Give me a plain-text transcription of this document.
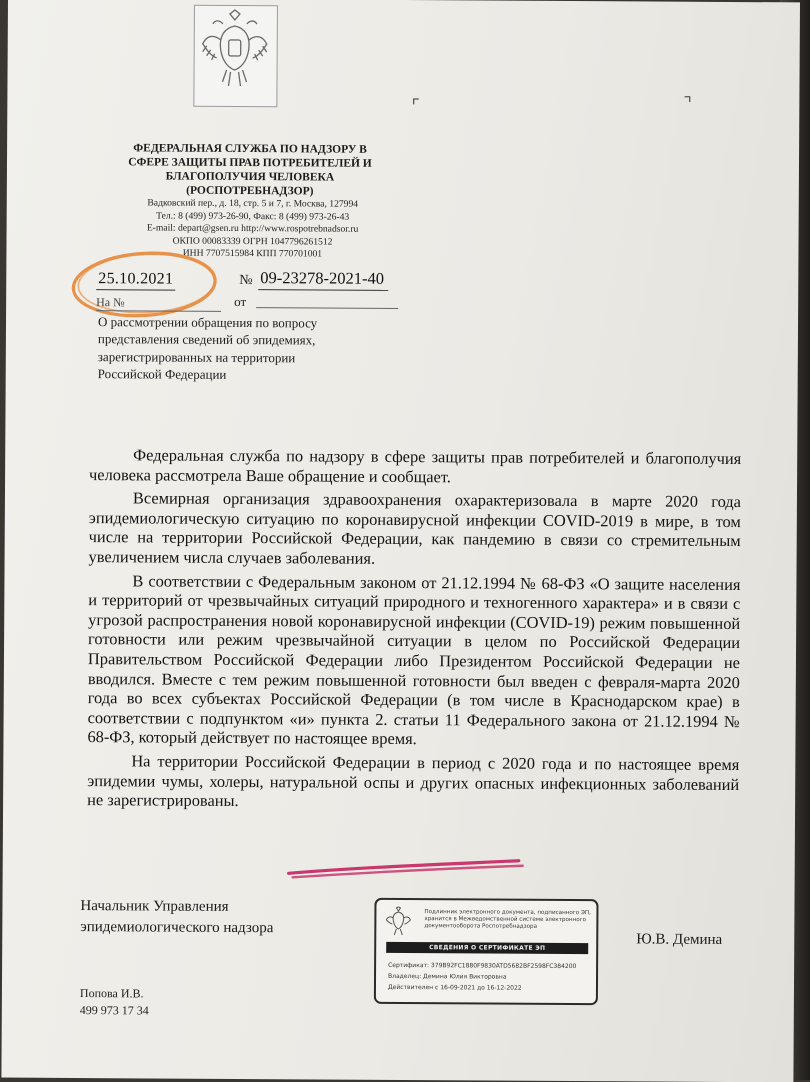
⌜	⌝
ФЕДЕРАЛЬНАЯ СЛУЖБА ПО НАДЗОРУ В
СФЕРЕ ЗАЩИТЫ ПРАВ ПОТРЕБИТЕЛЕЙ И
БЛАГОПОЛУЧИЯ ЧЕЛОВЕКА
(РОСПОТРЕБНАДЗОР)
Вадковский пер., д. 18, стр. 5 и 7, г. Москва, 127994
Тел.: 8 (499) 973-26-90, Факс: 8 (499) 973-26-43
E-mail: depart@gsen.ru http://www.rospotrebnadsor.ru
ОКПО 00083339 ОГРН 1047796261512
ИНН 7707515984 КПП 770701001
25.10.2021	№ 09-23278-2021-40
На №	от
О рассмотрении обращения по вопросу
представления сведений об эпидемиях,
зарегистрированных на территории
Российской Федерации

Федеральная служба по надзору в сфере защиты прав потребителей и благополучия человека рассмотрела Ваше обращение и сообщает.

Всемирная организация здравоохранения охарактеризовала в марте 2020 года эпидемиологическую ситуацию по коронавирусной инфекции COVID-2019 в мире, в том числе на территории Российской Федерации, как пандемию в связи со стремительным увеличением числа случаев заболевания.

В соответствии с Федеральным законом от 21.12.1994 № 68-ФЗ «О защите населения и территорий от чрезвычайных ситуаций природного и техногенного характера» и в связи с угрозой распространения новой коронавирусной инфекции (COVID-19) режим повышенной готовности или режим чрезвычайной ситуации в целом по Российской Федерации Правительством Российской Федерации либо Президентом Российской Федерации не вводился. Вместе с тем режим повышенной готовности был введен с февраля-марта 2020 года во всех субъектах Российской Федерации (в том числе в Краснодарском крае) в соответствии с подпунктом «и» пункта 2. статьи 11 Федерального закона от 21.12.1994 № 68-ФЗ, который действует по настоящее время.

На территории Российской Федерации в период с 2020 года и по настоящее время эпидемии чумы, холеры, натуральной оспы и других опасных инфекционных заболеваний не зарегистрированы.

Начальник Управления
эпидемиологического надзора
Подлинник электронного документа, подписанного ЭП, хранится в Межведомственной системе электронного документооборота Роспотребнадзора
СВЕДЕНИЯ О СЕРТИФИКАТЕ ЭП
Сертификат: 379B92FC1880F9830ATD5682BF2598FC384200
Владелец: Демина Юлия Викторовна
Действителен с 16-09-2021 до 16-12-2022
Ю.В. Демина
Попова И.В.
499 973 17 34
